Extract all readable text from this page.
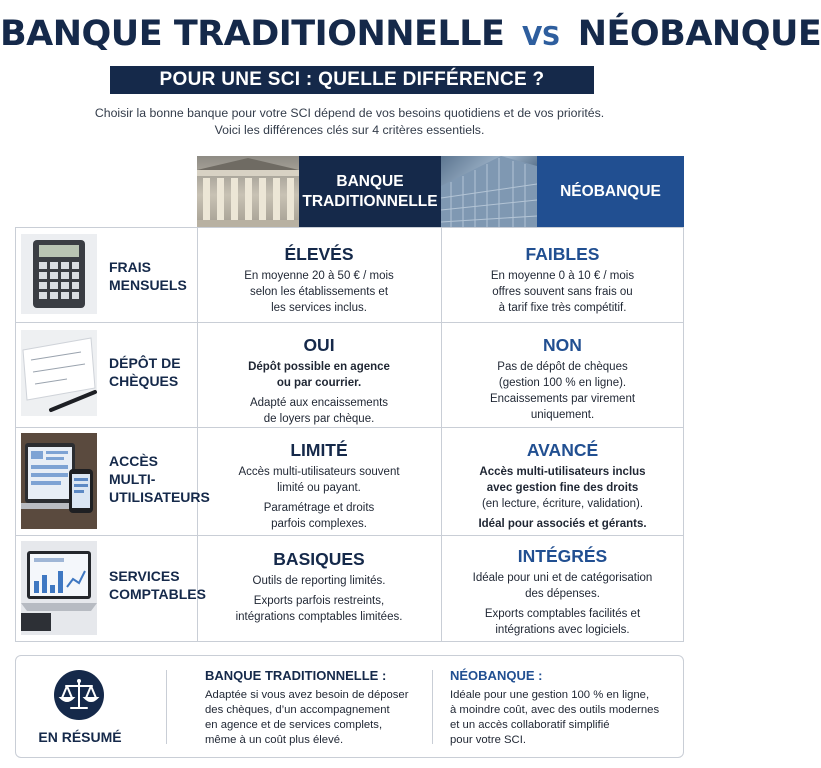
BANQUE TRADITIONNELLE VS NÉOBANQUE
POUR UNE SCI : QUELLE DIFFÉRENCE ?
Choisir la bonne banque pour votre SCI dépend de vos besoins quotidiens et de vos priorités.
Voici les différences clés sur 4 critères essentiels.
BANQUE
TRADITIONNELLE
NÉOBANQUE
FRAIS
MENSUELS
ÉLEVÉS
En moyenne 20 à 50 € / mois
selon les établissements et
les services inclus.
FAIBLES
En moyenne 0 à 10 € / mois
offres souvent sans frais ou
à tarif fixe très compétitif.
DÉPÔT DE
CHÈQUES
OUI
Dépôt possible en agence
ou par courrier.
Adapté aux encaissements
de loyers par chèque.
NON
Pas de dépôt de chèques
(gestion 100 % en ligne).
Encaissements par virement
uniquement.
ACCÈS
MULTI-
UTILISATEURS
LIMITÉ
Accès multi-utilisateurs souvent
limité ou payant.
Paramétrage et droits
parfois complexes.
AVANCÉ
Accès multi-utilisateurs inclus
avec gestion fine des droits
(en lecture, écriture, validation).
Idéal pour associés et gérants.
SERVICES
COMPTABLES
BASIQUES
Outils de reporting limités.
Exports parfois restreints,
intégrations comptables limitées.
INTÉGRÉS
Idéale pour uni et de catégorisation
des dépenses.
Exports comptables facilités et
intégrations avec logiciels.
EN RÉSUMÉ
BANQUE TRADITIONNELLE :

Adaptée si vous avez besoin de déposer
des chèques, d’un accompagnement
en agence et de services complets,
même à un coût plus élevé.

NÉOBANQUE :

Idéale pour une gestion 100 % en ligne,
à moindre coût, avec des outils modernes
et un accès collaboratif simplifié
pour votre SCI.
